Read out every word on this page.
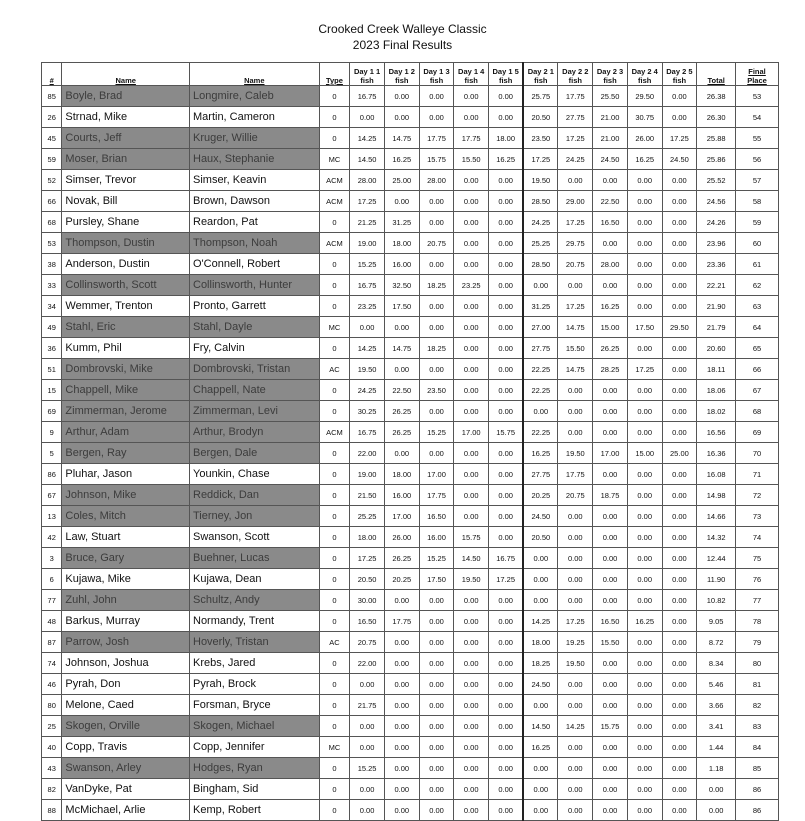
Crooked Creek Walleye Classic
2023 Final Results
#	Name	Name	Type	Day 1 1 fish	Day 1 2 fish	Day 1 3 fish	Day 1 4 fish	Day 1 5 fish	Day 2 1 fish	Day 2 2 fish	Day 2 3 fish	Day 2 4 fish	Day 2 5 fish	Total	Final Place
85	Boyle, Brad	Longmire, Caleb	0	16.75	0.00	0.00	0.00	0.00	25.75	17.75	25.50	29.50	0.00	26.38	53
26	Strnad, Mike	Martin, Cameron	0	0.00	0.00	0.00	0.00	0.00	20.50	27.75	21.00	30.75	0.00	26.30	54
45	Courts, Jeff	Kruger, Willie	0	14.25	14.75	17.75	17.75	18.00	23.50	17.25	21.00	26.00	17.25	25.88	55
59	Moser, Brian	Haux, Stephanie	MC	14.50	16.25	15.75	15.50	16.25	17.25	24.25	24.50	16.25	24.50	25.86	56
52	Simser, Trevor	Simser, Keavin	ACM	28.00	25.00	28.00	0.00	0.00	19.50	0.00	0.00	0.00	0.00	25.52	57
66	Novak, Bill	Brown, Dawson	ACM	17.25	0.00	0.00	0.00	0.00	28.50	29.00	22.50	0.00	0.00	24.56	58
68	Pursley, Shane	Reardon, Pat	0	21.25	31.25	0.00	0.00	0.00	24.25	17.25	16.50	0.00	0.00	24.26	59
53	Thompson, Dustin	Thompson, Noah	ACM	19.00	18.00	20.75	0.00	0.00	25.25	29.75	0.00	0.00	0.00	23.96	60
38	Anderson, Dustin	O'Connell, Robert	0	15.25	16.00	0.00	0.00	0.00	28.50	20.75	28.00	0.00	0.00	23.36	61
33	Collinsworth, Scott	Collinsworth, Hunter	0	16.75	32.50	18.25	23.25	0.00	0.00	0.00	0.00	0.00	0.00	22.21	62
34	Wemmer, Trenton	Pronto, Garrett	0	23.25	17.50	0.00	0.00	0.00	31.25	17.25	16.25	0.00	0.00	21.90	63
49	Stahl, Eric	Stahl, Dayle	MC	0.00	0.00	0.00	0.00	0.00	27.00	14.75	15.00	17.50	29.50	21.79	64
36	Kumm, Phil	Fry, Calvin	0	14.25	14.75	18.25	0.00	0.00	27.75	15.50	26.25	0.00	0.00	20.60	65
51	Dombrovski, Mike	Dombrovski, Tristan	AC	19.50	0.00	0.00	0.00	0.00	22.25	14.75	28.25	17.25	0.00	18.11	66
15	Chappell, Mike	Chappell, Nate	0	24.25	22.50	23.50	0.00	0.00	22.25	0.00	0.00	0.00	0.00	18.06	67
69	Zimmerman, Jerome	Zimmerman, Levi	0	30.25	26.25	0.00	0.00	0.00	0.00	0.00	0.00	0.00	0.00	18.02	68
9	Arthur, Adam	Arthur, Brodyn	ACM	16.75	26.25	15.25	17.00	15.75	22.25	0.00	0.00	0.00	0.00	16.56	69
5	Bergen, Ray	Bergen, Dale	0	22.00	0.00	0.00	0.00	0.00	16.25	19.50	17.00	15.00	25.00	16.36	70
86	Pluhar, Jason	Younkin, Chase	0	19.00	18.00	17.00	0.00	0.00	27.75	17.75	0.00	0.00	0.00	16.08	71
67	Johnson, Mike	Reddick, Dan	0	21.50	16.00	17.75	0.00	0.00	20.25	20.75	18.75	0.00	0.00	14.98	72
13	Coles, Mitch	Tierney, Jon	0	25.25	17.00	16.50	0.00	0.00	24.50	0.00	0.00	0.00	0.00	14.66	73
42	Law, Stuart	Swanson, Scott	0	18.00	26.00	16.00	15.75	0.00	20.50	0.00	0.00	0.00	0.00	14.32	74
3	Bruce, Gary	Buehner, Lucas	0	17.25	26.25	15.25	14.50	16.75	0.00	0.00	0.00	0.00	0.00	12.44	75
6	Kujawa, Mike	Kujawa, Dean	0	20.50	20.25	17.50	19.50	17.25	0.00	0.00	0.00	0.00	0.00	11.90	76
77	Zuhl, John	Schultz, Andy	0	30.00	0.00	0.00	0.00	0.00	0.00	0.00	0.00	0.00	0.00	10.82	77
48	Barkus, Murray	Normandy, Trent	0	16.50	17.75	0.00	0.00	0.00	14.25	17.25	16.50	16.25	0.00	9.05	78
87	Parrow, Josh	Hoverly, Tristan	AC	20.75	0.00	0.00	0.00	0.00	18.00	19.25	15.50	0.00	0.00	8.72	79
74	Johnson, Joshua	Krebs, Jared	0	22.00	0.00	0.00	0.00	0.00	18.25	19.50	0.00	0.00	0.00	8.34	80
46	Pyrah, Don	Pyrah, Brock	0	0.00	0.00	0.00	0.00	0.00	24.50	0.00	0.00	0.00	0.00	5.46	81
80	Melone, Caed	Forsman, Bryce	0	21.75	0.00	0.00	0.00	0.00	0.00	0.00	0.00	0.00	0.00	3.66	82
25	Skogen, Orville	Skogen, Michael	0	0.00	0.00	0.00	0.00	0.00	14.50	14.25	15.75	0.00	0.00	3.41	83
40	Copp, Travis	Copp, Jennifer	MC	0.00	0.00	0.00	0.00	0.00	16.25	0.00	0.00	0.00	0.00	1.44	84
43	Swanson, Arley	Hodges, Ryan	0	15.25	0.00	0.00	0.00	0.00	0.00	0.00	0.00	0.00	0.00	1.18	85
82	VanDyke, Pat	Bingham, Sid	0	0.00	0.00	0.00	0.00	0.00	0.00	0.00	0.00	0.00	0.00	0.00	86
88	McMichael, Arlie	Kemp, Robert	0	0.00	0.00	0.00	0.00	0.00	0.00	0.00	0.00	0.00	0.00	0.00	86
